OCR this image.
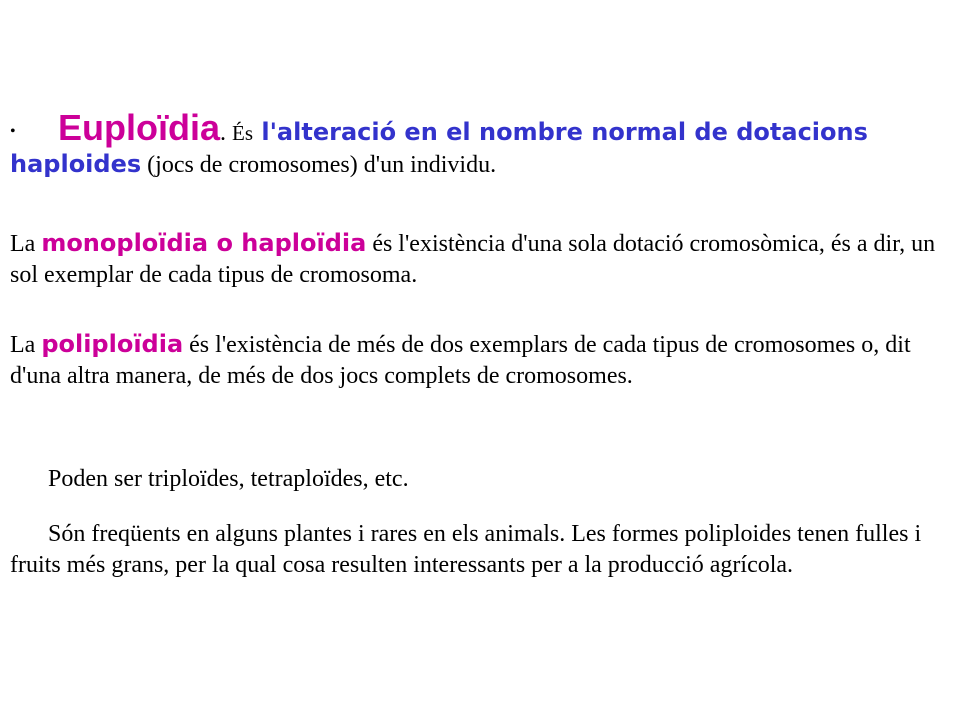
• Euploïdia. És l'alteració en el nombre normal de dotacions haploides (jocs de cromosomes) d'un individu.

La monoploïdia o haploïdia és l'existència d'una sola dotació cromosòmica, és a dir, un sol exemplar de cada tipus de cromosoma.

La poliploïdia és l'existència de més de dos exemplars de cada tipus de cromosomes o, dit d'una altra manera, de més de dos jocs complets de cromosomes.

Poden ser triploïdes, tetraploïdes, etc.

Són freqüents en alguns plantes i rares en els animals. Les formes poliploides tenen fulles i fruits més grans, per la qual cosa resulten interessants per a la producció agrícola.
